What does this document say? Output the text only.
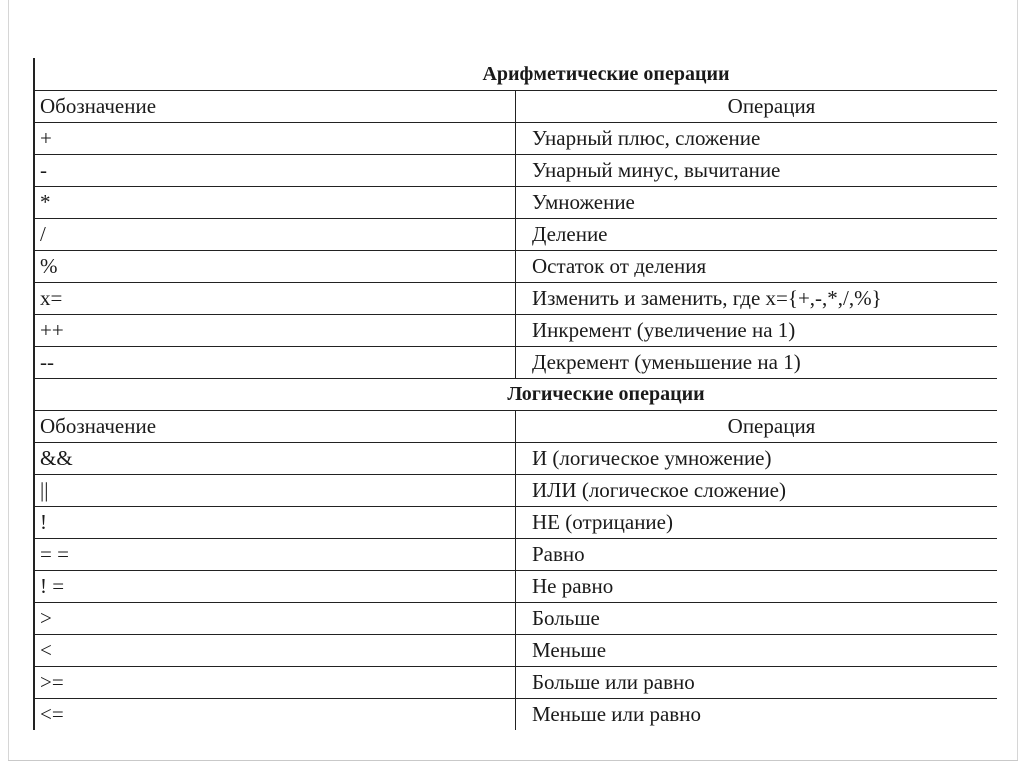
Арифметические операции	
Обозначение	Операция
+	Унарный плюс, сложение
-	Унарный минус, вычитание
*	Умножение
/	Деление
%	Остаток от деления
x=	Изменить и заменить, где x={+,-,*,/,%}
++	Инкремент (увеличение на 1)
--	Декремент (уменьшение на 1)
Логические операции	
Обозначение	Операция
&&	И (логическое умножение)
||	ИЛИ (логическое сложение)
!	НЕ (отрицание)
= =	Равно
! =	Не равно
>	Больше
<	Меньше
>=	Больше или равно
<=	Меньше или равно
